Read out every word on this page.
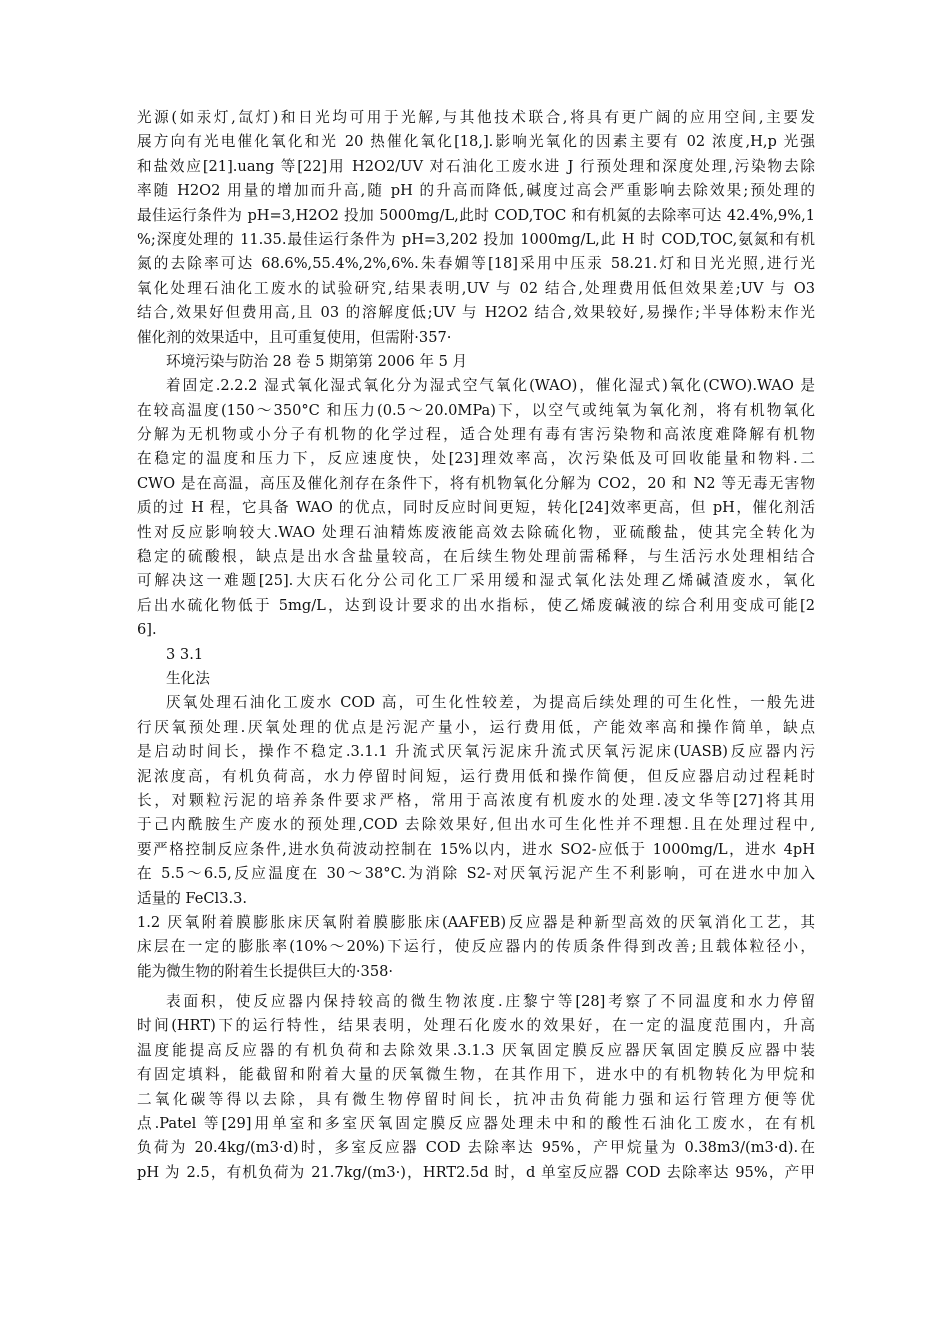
光源(如汞灯,氙灯)和日光均可用于光解,与其他技术联合,将具有更广阔的应用空间,主要发
展方向有光电催化氧化和光 20 热催化氧化[18,].影响光氧化的因素主要有 02 浓度,H,p 光强
和盐效应[21].uang 等[22]用 H2O2/UV 对石油化工废水进 J 行预处理和深度处理,污染物去除
率随 H2O2 用量的增加而升高,随 pH 的升高而降低,碱度过高会严重影响去除效果;预处理的
最佳运行条件为 pH=3,H2O2 投加 5000mg/L,此时 COD,TOC 和有机氮的去除率可达 42.4%,9%,1
%;深度处理的 11.35.最佳运行条件为 pH=3,202 投加 1000mg/L,此 H 时 COD,TOC,氨氮和有机
氮的去除率可达 68.6%,55.4%,2%,6%.朱春媚等[18]采用中压汞 58.21.灯和日光光照,进行光
氧化处理石油化工废水的试验研究,结果表明,UV 与 02 结合,处理费用低但效果差;UV 与 O3
结合,效果好但费用高,且 03 的溶解度低;UV 与 H2O2 结合,效果较好,易操作;半导体粉末作光
催化剂的效果适中，且可重复使用，但需附·357·
环境污染与防治 28 卷 5 期第第 2006 年 5 月
着固定.2.2.2 湿式氧化湿式氧化分为湿式空气氧化(WAO)，催化湿式)氧化(CWO).WAO 是
在较高温度(150～350°C 和压力(0.5～20.0MPa)下，以空气或纯氧为氧化剂，将有机物氧化
分解为无机物或小分子有机物的化学过程，适合处理有毒有害污染物和高浓度难降解有机物
在稳定的温度和压力下，反应速度快，处[23]理效率高，次污染低及可回收能量和物料.二
CWO 是在高温，高压及催化剂存在条件下，将有机物氧化分解为 CO2，20 和 N2 等无毒无害物
质的过 H 程，它具备 WAO 的优点，同时反应时间更短，转化[24]效率更高，但 pH，催化剂活
性对反应影响较大.WAO 处理石油精炼废液能高效去除硫化物，亚硫酸盐，使其完全转化为
稳定的硫酸根，缺点是出水含盐量较高，在后续生物处理前需稀释，与生活污水处理相结合
可解决这一难题[25].大庆石化分公司化工厂采用缓和湿式氧化法处理乙烯碱渣废水，氧化
后出水硫化物低于 5mg/L，达到设计要求的出水指标，使乙烯废碱液的综合利用变成可能[2
6].
3 3.1
生化法
厌氧处理石油化工废水 COD 高，可生化性较差，为提高后续处理的可生化性，一般先进
行厌氧预处理.厌氧处理的优点是污泥产量小，运行费用低，产能效率高和操作简单，缺点
是启动时间长，操作不稳定.3.1.1 升流式厌氧污泥床升流式厌氧污泥床(UASB)反应器内污
泥浓度高，有机负荷高，水力停留时间短，运行费用低和操作简便，但反应器启动过程耗时
长，对颗粒污泥的培养条件要求严格，常用于高浓度有机废水的处理.凌文华等[27]将其用
于己内酰胺生产废水的预处理,COD 去除效果好,但出水可生化性并不理想.且在处理过程中,
要严格控制反应条件,进水负荷波动控制在 15%以内，进水 SO2-应低于 1000mg/L，进水 4pH
在 5.5～6.5,反应温度在 30～38°C.为消除 S2-对厌氧污泥产生不利影响，可在进水中加入
适量的 FeCl3.3.
1.2 厌氧附着膜膨胀床厌氧附着膜膨胀床(AAFEB)反应器是种新型高效的厌氧消化工艺，其
床层在一定的膨胀率(10%～20%)下运行，使反应器内的传质条件得到改善;且载体粒径小，
能为微生物的附着生长提供巨大的·358·
表面积，使反应器内保持较高的微生物浓度.庄黎宁等[28]考察了不同温度和水力停留
时间(HRT)下的运行特性，结果表明，处理石化废水的效果好，在一定的温度范围内，升高
温度能提高反应器的有机负荷和去除效果.3.1.3 厌氧固定膜反应器厌氧固定膜反应器中装
有固定填料，能截留和附着大量的厌氧微生物，在其作用下，进水中的有机物转化为甲烷和
二氧化碳等得以去除，具有微生物停留时间长，抗冲击负荷能力强和运行管理方便等优
点.Patel 等[29]用单室和多室厌氧固定膜反应器处理未中和的酸性石油化工废水，在有机
负荷为 20.4kg/(m3·d)时，多室反应器 COD 去除率达 95%，产甲烷量为 0.38m3/(m3·d).在
pH 为 2.5，有机负荷为 21.7kg/(m3·)，HRT2.5d 时，d 单室反应器 COD 去除率达 95%，产甲
